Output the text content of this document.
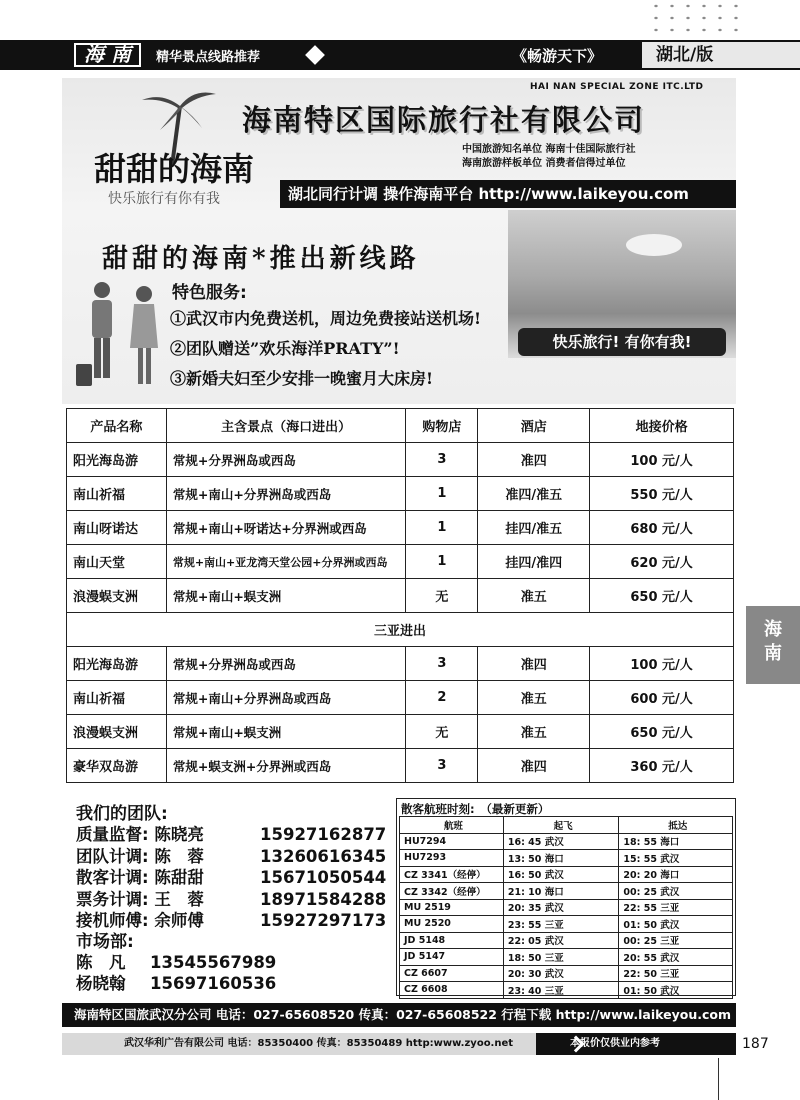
海 南	精华景点线路推荐	《畅游天下》	湖北/版
HAI NAN SPECIAL ZONE ITC.LTD
海南特区国际旅行社有限公司
中国旅游知名单位 海南十佳国际旅行社
海南旅游样板单位 消费者信得过单位
甜甜的海南
快乐旅行有你有我	湖北同行计调 操作海南平台 http://www.laikeyou.com
甜甜的海南*推出新线路
特色服务:
①武汉市内免费送机，周边免费接站送机场!
②团队赠送”欢乐海洋PRATY”!
③新婚夫妇至少安排一晚蜜月大床房!
快乐旅行! 有你有我!
产品名称	主含景点（海口进出）	购物店	酒店	地接价格
阳光海岛游	常规+分界洲岛或西岛	3	准四	100 元/人
南山祈福	常规+南山+分界洲岛或西岛	1	准四/准五	550 元/人
南山呀诺达	常规+南山+呀诺达+分界洲或西岛	1	挂四/准五	680 元/人
南山天堂	常规+南山+亚龙湾天堂公园+分界洲或西岛	1	挂四/准四	620 元/人
浪漫蜈支洲	常规+南山+蜈支洲	无	准五	650 元/人
三亚进出				
阳光海岛游	常规+分界洲岛或西岛	3	准四	100 元/人
南山祈福	常规+南山+分界洲岛或西岛	2	准五	600 元/人
浪漫蜈支洲	常规+南山+蜈支洲	无	准五	650 元/人
豪华双岛游	常规+蜈支洲+分界洲或西岛	3	准四	360 元/人
我们的团队:
质量监督: 陈晓亮	15927162877
团队计调: 陈　蓉	13260616345
散客计调: 陈甜甜	15671050544
票务计调: 王　蓉	18971584288
接机师傅: 余师傅	15927297173
市场部:
陈　凡 13545567989
杨晓翰 15697160536
散客航班时刻:　（最新更新）
航班	起飞	抵达
HU7294	16: 45 武汉	18: 55 海口
HU7293	13: 50 海口	15: 55 武汉
CZ 3341（经停）	16: 50 武汉	20: 20 海口
CZ 3342（经停）	21: 10 海口	00: 25 武汉
MU 2519	20: 35 武汉	22: 55 三亚
MU 2520	23: 55 三亚	01: 50 武汉
JD 5148	22: 05 武汉	00: 25 三亚
JD 5147	18: 50 三亚	20: 55 武汉
CZ 6607	20: 30 武汉	22: 50 三亚
CZ 6608	23: 40 三亚	01: 50 武汉
海南特区国旅武汉分公司 电话：027-65608520 传真：027-65608522 行程下载 http://www.laikeyou.com
武汉华利广告有限公司 电话：85350400 传真：85350489 http:www.zyoo.net	本报价仅供业内参考	187
海南
